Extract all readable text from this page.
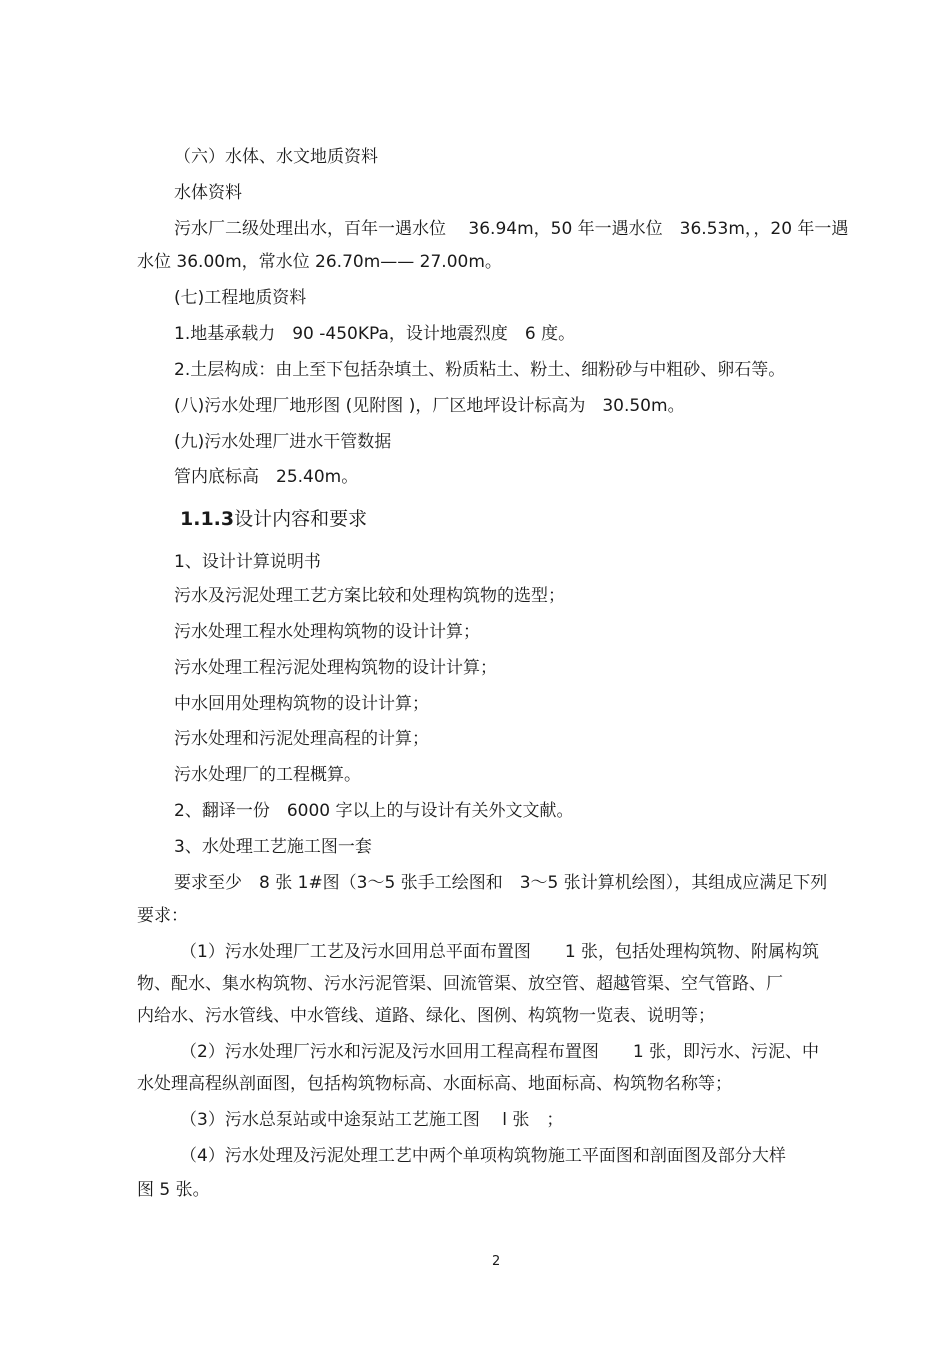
（六）水体、水文地质资料
水体资料
污水厂二级处理出水，百年一遇水位　 36.94m，50 年一遇水位　36.53m，，20 年一遇
水位 36.00m，常水位 26.70m—— 27.00m。
(七)工程地质资料
1.地基承载力　90 -450KPa，设计地震烈度　6 度。
2.土层构成：由上至下包括杂填土、粉质粘土、粉土、细粉砂与中粗砂、卵石等。
(八)污水处理厂地形图 (见附图 )，厂区地坪设计标高为　30.50m。
(九)污水处理厂进水干管数据
管内底标高　25.40m。
1.1.3设计内容和要求
1、设计计算说明书
污水及污泥处理工艺方案比较和处理构筑物的选型；
污水处理工程水处理构筑物的设计计算；
污水处理工程污泥处理构筑物的设计计算；
中水回用处理构筑物的设计计算；
污水处理和污泥处理高程的计算；
污水处理厂的工程概算。
2、翻译一份　6000 字以上的与设计有关外文文献。
3、水处理工艺施工图一套
要求至少　8 张 1#图（3～5 张手工绘图和　3～5 张计算机绘图），其组成应满足下列
要求：
（1）污水处理厂工艺及污水回用总平面布置图　　1 张，包括处理构筑物、附属构筑
物、配水、集水构筑物、污水污泥管渠、回流管渠、放空管、超越管渠、空气管路、厂
内给水、污水管线、中水管线、道路、绿化、图例、构筑物一览表、说明等；
（2）污水处理厂污水和污泥及污水回用工程高程布置图　　1 张，即污水、污泥、中
水处理高程纵剖面图，包括构筑物标高、水面标高、地面标高、构筑物名称等；
（3）污水总泵站或中途泵站工艺施工图　 l 张　；
（4）污水处理及污泥处理工艺中两个单项构筑物施工平面图和剖面图及部分大样
图 5 张。
2
